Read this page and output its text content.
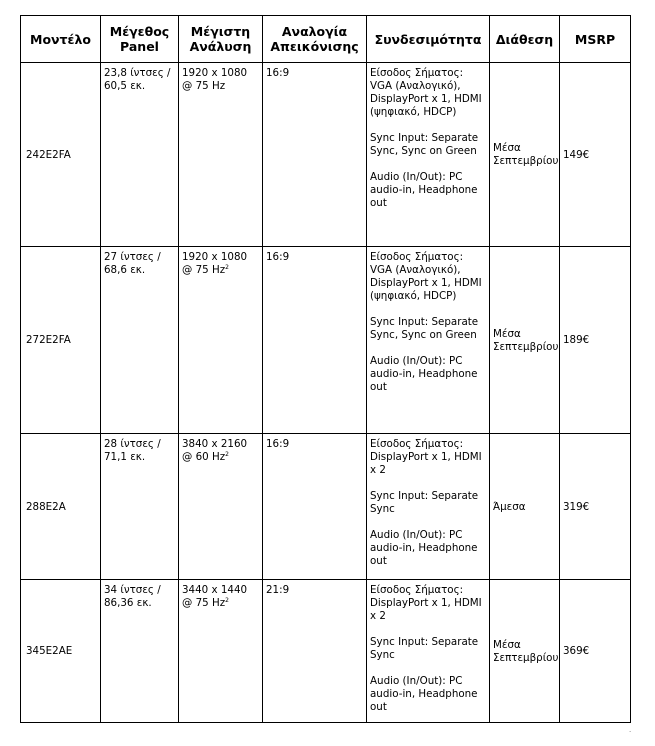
Μοντέλο	Μέγεθος Panel	Μέγιστη Ανάλυση	Αναλογία Απεικόνισης	Συνδεσιμότητα	Διάθεση	MSRP
242E2FA	23,8 ίντσες / 60,5 εκ.	1920 x 1080 @ 75 Hz	16:9	Είσοδος Σήματος: VGA (Αναλογικό), DisplayPort x 1, HDMI (ψηφιακό, HDCP)
Sync Input: Separate Sync, Sync on Green
Audio (In/Out): PC audio-in, Headphone out	Μέσα Σεπτεμβρίου	149€
272E2FA	27 ίντσες / 68,6 εκ.	1920 x 1080 @ 75 Hz$^2$	16:9	Είσοδος Σήματος: VGA (Αναλογικό), DisplayPort x 1, HDMI (ψηφιακό, HDCP)
Sync Input: Separate Sync, Sync on Green
Audio (In/Out): PC audio-in, Headphone out	Μέσα Σεπτεμβρίου	189€
288E2A	28 ίντσες / 71,1 εκ.	3840 x 2160 @ 60 Hz$^2$	16:9	Είσοδος Σήματος: DisplayPort x 1, HDMI x 2
Sync Input: Separate Sync
Audio (In/Out): PC audio-in, Headphone out	Άμεσα	319€
345E2AE	34 ίντσες / 86,36 εκ.	3440 x 1440 @ 75 Hz$^2$	21:9	Είσοδος Σήματος: DisplayPort x 1, HDMI x 2
Sync Input: Separate Sync
Audio (In/Out): PC audio-in, Headphone out	Μέσα Σεπτεμβρίου	369€
.
